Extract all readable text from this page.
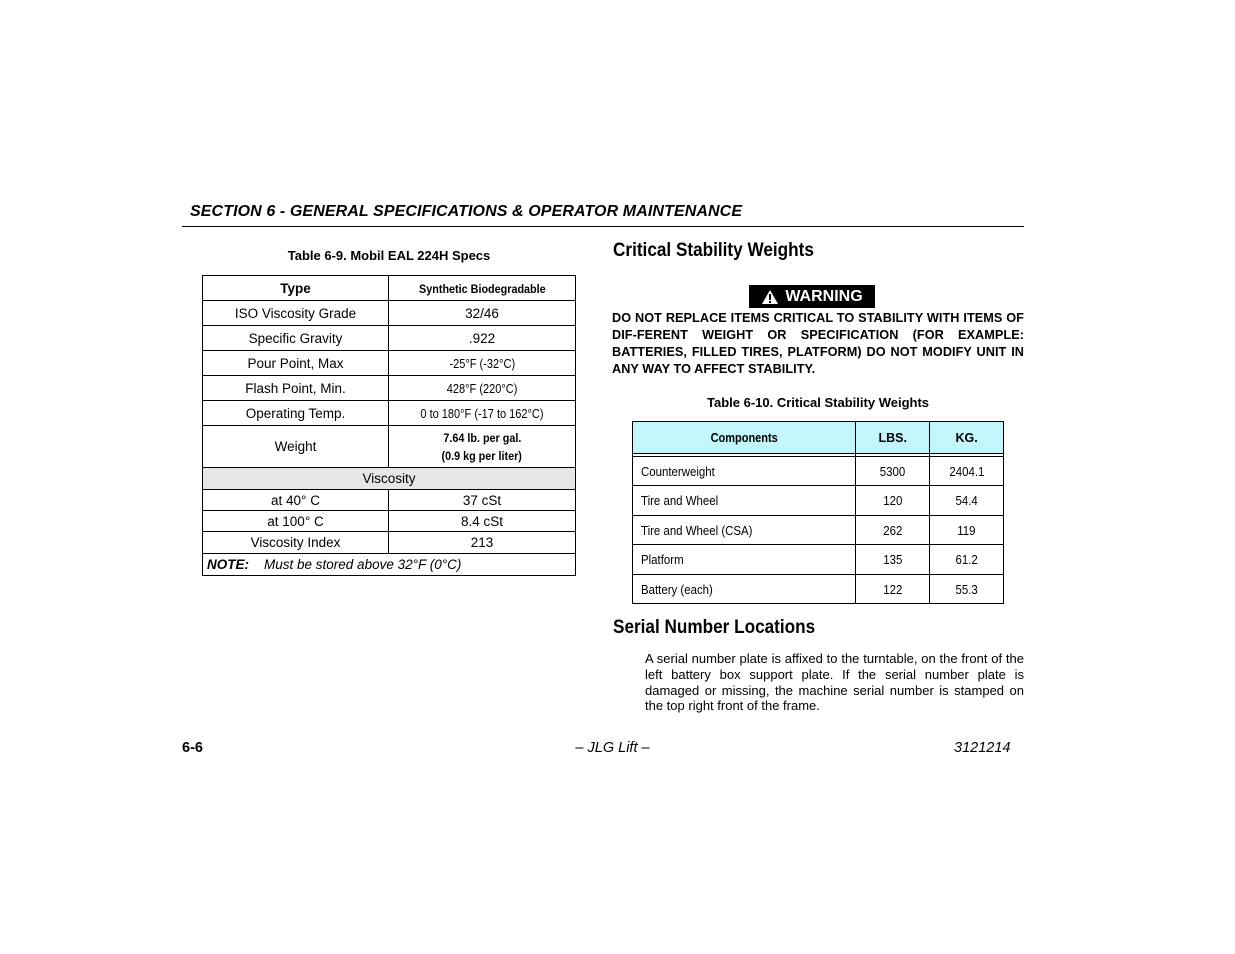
SECTION 6 - GENERAL SPECIFICATIONS & OPERATOR MAINTENANCE
Table 6-9. Mobil EAL 224H Specs
Type	Synthetic Biodegradable
ISO Viscosity Grade	32/46
Specific Gravity	.922
Pour Point, Max	-25°F (-32°C)
Flash Point, Min.	428°F (220°C)
Operating Temp.	0 to 180°F (-17 to 162°C)
Weight	7.64 lb. per gal.
(0.9 kg per liter)
Viscosity	
at 40° C	37 cSt
at 100° C	8.4 cSt
Viscosity Index	213
NOTE: Must be stored above 32°F (0°C)	
Critical Stability Weights
WARNING
DO NOT REPLACE ITEMS CRITICAL TO STABILITY WITH ITEMS OF DIF-FERENT WEIGHT OR SPECIFICATION (FOR EXAMPLE: BATTERIES, FILLED TIRES, PLATFORM) DO NOT MODIFY UNIT IN ANY WAY TO AFFECT STABILITY.
Table 6-10. Critical Stability Weights
Components	LBS.	KG.

Counterweight	5300	2404.1
Tire and Wheel	120	54.4
Tire and Wheel (CSA)	262	119
Platform	135	61.2
Battery (each)	122	55.3
Serial Number Locations
A serial number plate is affixed to the turntable, on the front of the left battery box support plate. If the serial number plate is damaged or missing, the machine serial number is stamped on the top right front of the frame.
6-6	– JLG Lift –	3121214
